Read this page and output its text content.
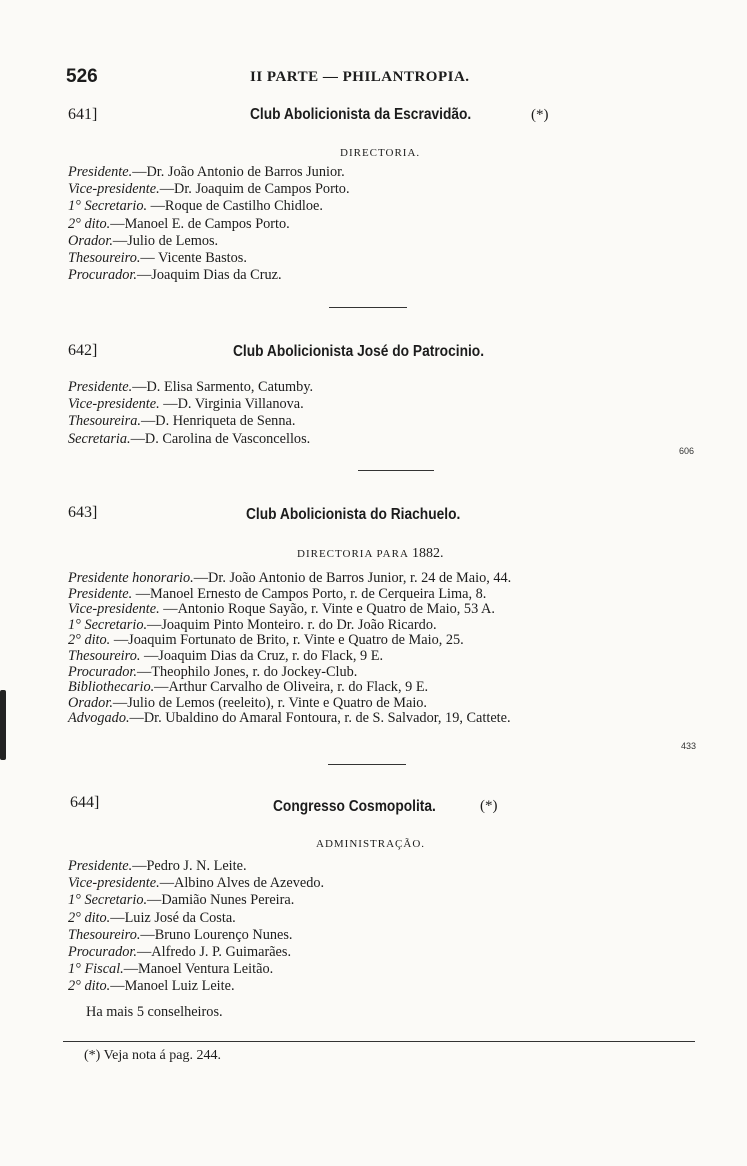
526	II PARTE — PHILANTROPIA.
641]	Club Abolicionista da Escravidão.	(*)
DIRECTORIA.
Presidente.—Dr. João Antonio de Barros Junior.
Vice-presidente.—Dr. Joaquim de Campos Porto.
1° Secretario. —Roque de Castilho Chidloe.
2° dito.—Manoel E. de Campos Porto.
Orador.—Julio de Lemos.
Thesoureiro.— Vicente Bastos.
Procurador.—Joaquim Dias da Cruz.
642]	Club Abolicionista José do Patrocinio.
Presidente.—D. Elisa Sarmento, Catumby.
Vice-presidente. —D. Virginia Villanova.
Thesoureira.—D. Henriqueta de Senna.
Secretaria.—D. Carolina de Vasconcellos.
606
643]	Club Abolicionista do Riachuelo.
DIRECTORIA PARA 1882.
Presidente honorario.—Dr. João Antonio de Barros Junior, r. 24 de Maio, 44.
Presidente. —Manoel Ernesto de Campos Porto, r. de Cerqueira Lima, 8.
Vice-presidente. —Antonio Roque Sayão, r. Vinte e Quatro de Maio, 53 A.
1° Secretario.—Joaquim Pinto Monteiro. r. do Dr. João Ricardo.
2° dito. —Joaquim Fortunato de Brito, r. Vinte e Quatro de Maio, 25.
Thesoureiro. —Joaquim Dias da Cruz, r. do Flack, 9 E.
Procurador.—Theophilo Jones, r. do Jockey-Club.
Bibliothecario.—Arthur Carvalho de Oliveira, r. do Flack, 9 E.
Orador.—Julio de Lemos (reeleito), r. Vinte e Quatro de Maio.
Advogado.—Dr. Ubaldino do Amaral Fontoura, r. de S. Salvador, 19, Cattete.
433
644]	Congresso Cosmopolita.	(*)
ADMINISTRAÇÃO.
Presidente.—Pedro J. N. Leite.
Vice-presidente.—Albino Alves de Azevedo.
1° Secretario.—Damião Nunes Pereira.
2° dito.—Luiz José da Costa.
Thesoureiro.—Bruno Lourenço Nunes.
Procurador.—Alfredo J. P. Guimarães.
1° Fiscal.—Manoel Ventura Leitão.
2° dito.—Manoel Luiz Leite.
Ha mais 5 conselheiros.
(*) Veja nota á pag. 244.
